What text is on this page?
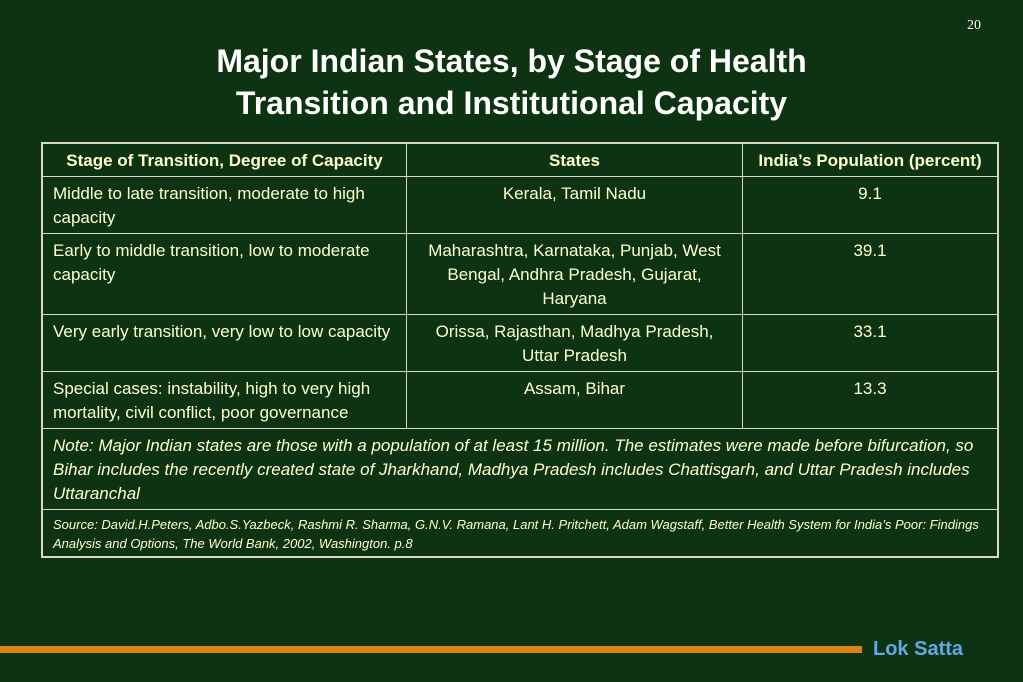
20
Major Indian States, by Stage of Health
Transition and Institutional Capacity
Stage of Transition, Degree of Capacity	States	India’s Population (percent)
Middle to late transition, moderate to high capacity	Kerala, Tamil Nadu	9.1
Early to middle transition, low to moderate capacity	Maharashtra, Karnataka, Punjab, West Bengal, Andhra Pradesh, Gujarat, Haryana	39.1
Very early transition, very low to low capacity	Orissa, Rajasthan, Madhya Pradesh, Uttar Pradesh	33.1
Special cases: instability, high to very high mortality, civil conflict, poor governance	Assam, Bihar	13.3
Note: Major Indian states are those with a population of at least 15 million. The estimates were made before bifurcation, so Bihar includes the recently created state of Jharkhand, Madhya Pradesh includes Chattisgarh, and Uttar Pradesh includes Uttaranchal		
Source: David.H.Peters, Adbo.S.Yazbeck, Rashmi R. Sharma, G.N.V. Ramana, Lant H. Pritchett, Adam Wagstaff, Better Health System for India’s Poor: Findings Analysis and Options, The World Bank, 2002, Washington. p.8		
Lok Satta
